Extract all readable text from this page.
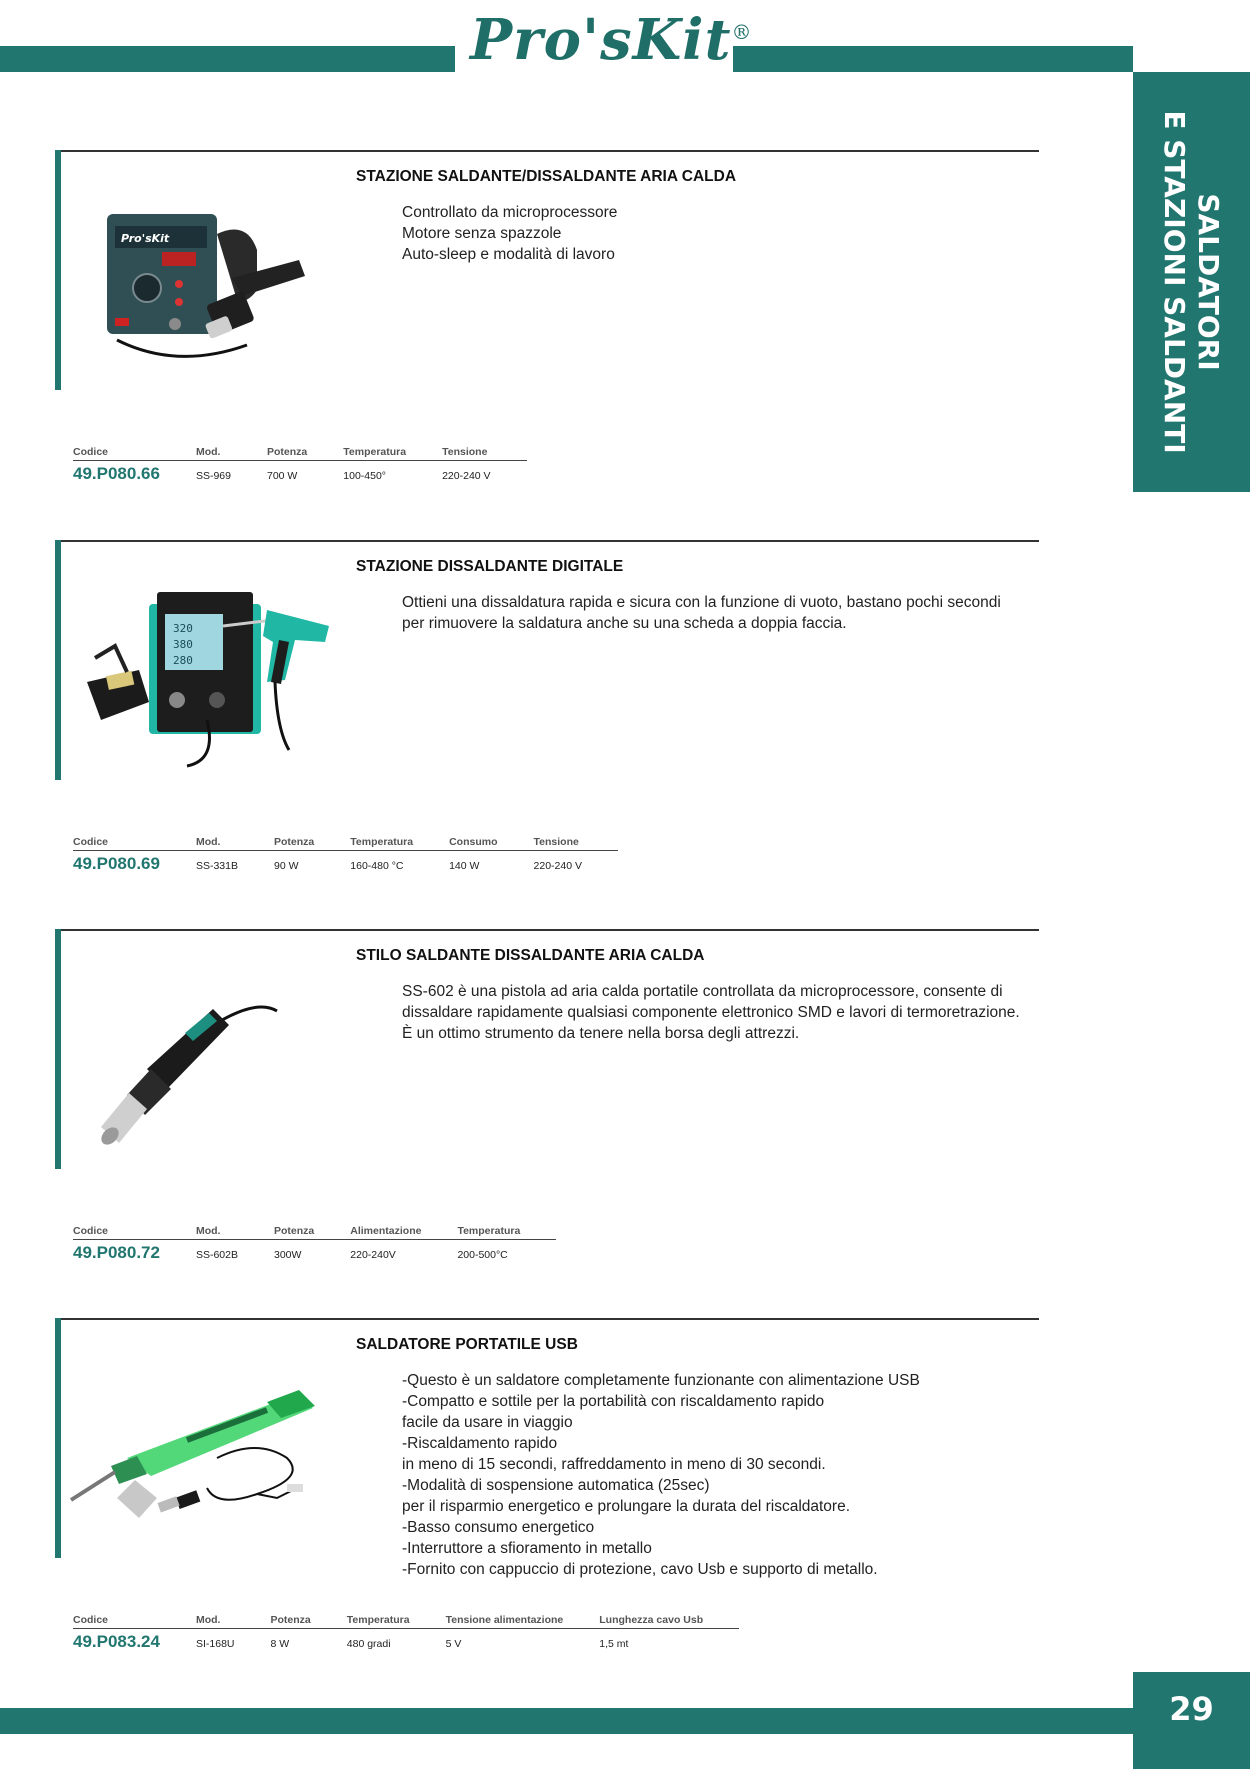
Pro'sKit®
SALDATORI
E STAZIONI SALDANTI
Pro'sKit
STAZIONE SALDANTE/DISSALDANTE ARIA CALDA
Controllato da microprocessore
Motore senza spazzole
Auto-sleep e modalità di lavoro
Codice	Mod.	Potenza	Temperatura	Tensione
49.P080.66	SS-969	700 W	100-450°	220-240 V
320
380
280
STAZIONE DISSALDANTE DIGITALE
Ottieni una dissaldatura rapida e sicura con la funzione di vuoto, bastano pochi secondi
per rimuovere la saldatura anche su una scheda a doppia faccia.
Codice	Mod.	Potenza	Temperatura	Consumo	Tensione
49.P080.69	SS-331B	90 W	160-480 °C	140 W	220-240 V
STILO SALDANTE DISSALDANTE ARIA CALDA
SS-602 è una pistola ad aria calda portatile controllata da microprocessore, consente di
dissaldare rapidamente qualsiasi componente elettronico SMD e lavori di termoretrazione.
È un ottimo strumento da tenere nella borsa degli attrezzi.
Codice	Mod.	Potenza	Alimentazione	Temperatura
49.P080.72	SS-602B	300W	220-240V	200-500°C
SALDATORE PORTATILE USB
-Questo è un saldatore completamente funzionante con alimentazione USB
-Compatto e sottile per la portabilità con riscaldamento rapido
facile da usare in viaggio
-Riscaldamento rapido
in meno di 15 secondi, raffreddamento in meno di 30 secondi.
-Modalità di sospensione automatica (25sec)
per il risparmio energetico e prolungare la durata del riscaldatore.
-Basso consumo energetico
-Interruttore a sfioramento in metallo
-Fornito con cappuccio di protezione, cavo Usb e supporto di metallo.
Codice	Mod.	Potenza	Temperatura	Tensione alimentazione	Lunghezza cavo Usb
49.P083.24	SI-168U	8 W	480 gradi	5 V	1,5 mt
29
